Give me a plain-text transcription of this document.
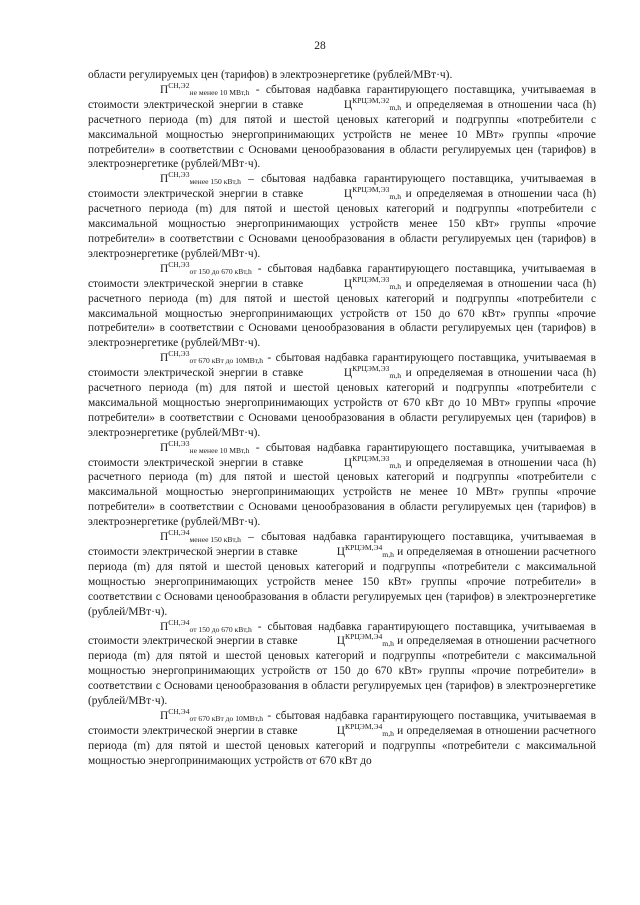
28

области регулируемых цен (тарифов) в электроэнергетике (рублей/МВт·ч).

$П^{СН,Э2}_{не менее 10 МВт,h}$ - сбытовая надбавка гарантирующего поставщика, учитываемая в стоимости электрической энергии в ставке	$Ц^{КРЦЭМ,Э2}_{m,h}$ и определяемая в отношении часа (h) расчетного периода (m) для пятой и шестой ценовых категорий и подгруппы «потребители с максимальной мощностью энергопринимающих устройств не менее 10 МВт» группы «прочие потребители» в соответствии с Основами ценообразования в области регулируемых цен (тарифов) в электроэнергетике (рублей/МВт·ч).

$П^{СН,Э3}_{менее 150 кВт,h}$ – сбытовая надбавка гарантирующего поставщика, учитываемая в стоимости электрической энергии в ставке	$Ц^{КРЦЭМ,Э3}_{m,h}$ и определяемая в отношении часа (h) расчетного периода (m) для пятой и шестой ценовых категорий и подгруппы «потребители с максимальной мощностью энергопринимающих устройств менее 150 кВт» группы «прочие потребители» в соответствии с Основами ценообразования в области регулируемых цен (тарифов) в электроэнергетике (рублей/МВт·ч).

$П^{СН,Э3}_{от 150 до 670 кВт,h}$ - сбытовая надбавка гарантирующего поставщика, учитываемая в стоимости электрической энергии в ставке	$Ц^{КРЦЭМ,Э3}_{m,h}$ и определяемая в отношении часа (h) расчетного периода (m) для пятой и шестой ценовых категорий и подгруппы «потребители с максимальной мощностью энергопринимающих устройств от 150 до 670 кВт» группы «прочие потребители» в соответствии с Основами ценообразования в области регулируемых цен (тарифов) в электроэнергетике (рублей/МВт·ч).

$П^{СН,Э3}_{от 670 кВт до 10МВт,h}$ - сбытовая надбавка гарантирующего поставщика, учитываемая в стоимости электрической энергии в ставке	$Ц^{КРЦЭМ,Э3}_{m,h}$ и определяемая в отношении часа (h) расчетного периода (m) для пятой и шестой ценовых категорий и подгруппы «потребители с максимальной мощностью энергопринимающих устройств от 670 кВт до 10 МВт» группы «прочие потребители» в соответствии с Основами ценообразования в области регулируемых цен (тарифов) в электроэнергетике (рублей/МВт·ч).

$П^{СН,Э3}_{не менее 10 МВт,h}$ - сбытовая надбавка гарантирующего поставщика, учитываемая в стоимости электрической энергии в ставке	$Ц^{КРЦЭМ,Э3}_{m,h}$ и определяемая в отношении часа (h) расчетного периода (m) для пятой и шестой ценовых категорий и подгруппы «потребители с максимальной мощностью энергопринимающих устройств не менее 10 МВт» группы «прочие потребители» в соответствии с Основами ценообразования в области регулируемых цен (тарифов) в электроэнергетике (рублей/МВт·ч).

$П^{СН,Э4}_{менее 150 кВт,h}$ – сбытовая надбавка гарантирующего поставщика, учитываемая в стоимости электрической энергии в ставке	$Ц^{КРЦЭМ,Э4}_{m,h}$ и определяемая в отношении расчетного периода (m) для пятой и шестой ценовых категорий и подгруппы «потребители с максимальной мощностью энергопринимающих устройств менее 150 кВт» группы «прочие потребители» в соответствии с Основами ценообразования в области регулируемых цен (тарифов) в электроэнергетике (рублей/МВт·ч).

$П^{СН,Э4}_{от 150 до 670 кВт,h}$ - сбытовая надбавка гарантирующего поставщика, учитываемая в стоимости электрической энергии в ставке	$Ц^{КРЦЭМ,Э4}_{m,h}$ и определяемая в отношении расчетного периода (m) для пятой и шестой ценовых категорий и подгруппы «потребители с максимальной мощностью энергопринимающих устройств от 150 до 670 кВт» группы «прочие потребители» в соответствии с Основами ценообразования в области регулируемых цен (тарифов) в электроэнергетике (рублей/МВт·ч).

$П^{СН,Э4}_{от 670 кВт до 10МВт,h}$ - сбытовая надбавка гарантирующего поставщика, учитываемая в стоимости электрической энергии в ставке	$Ц^{КРЦЭМ,Э4}_{m,h}$ и определяемая в отношении расчетного периода (m) для пятой и шестой ценовых категорий и подгруппы «потребители с максимальной мощностью энергопринимающих устройств от 670 кВт до
